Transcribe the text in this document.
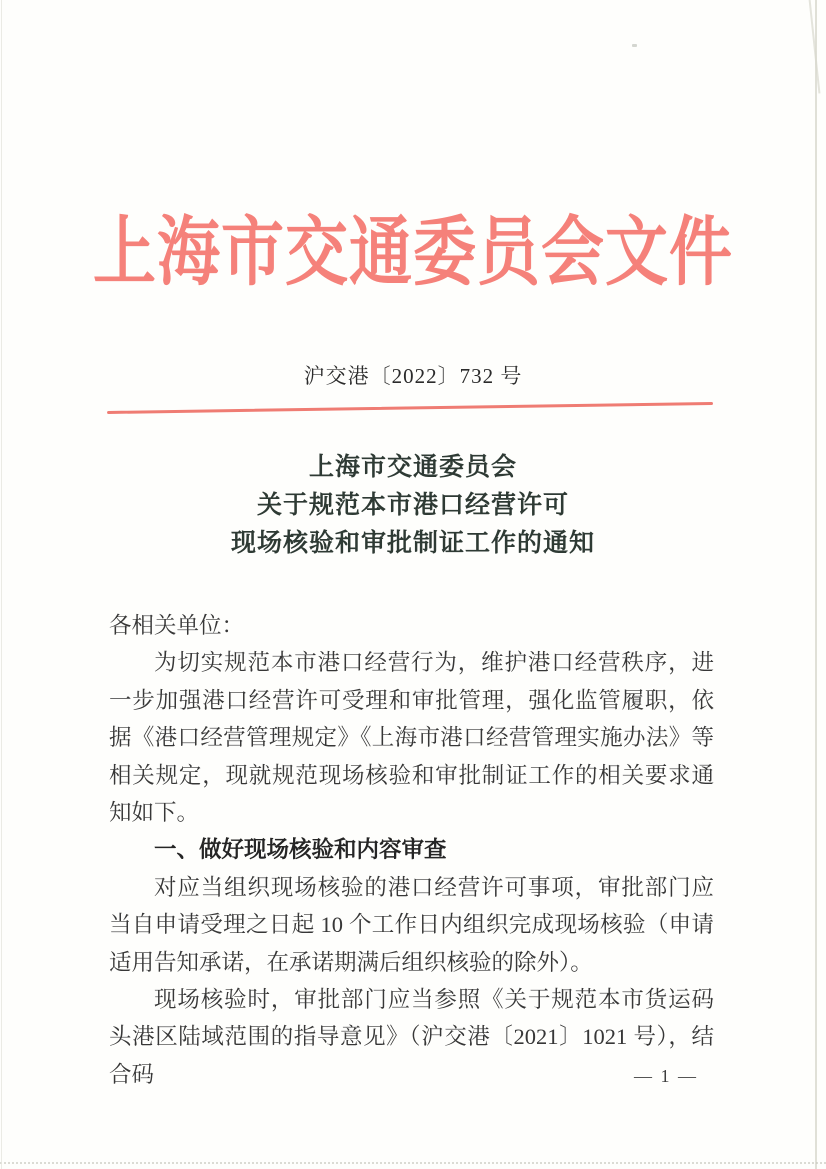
上海市交通委员会文件
沪交港〔2022〕732 号
上海市交通委员会
关于规范本市港口经营许可
现场核验和审批制证工作的通知

各相关单位：

为切实规范本市港口经营行为，维护港口经营秩序，进一步加强港口经营许可受理和审批管理，强化监管履职，依据《港口经营管理规定》《上海市港口经营管理实施办法》等相关规定，现就规范现场核验和审批制证工作的相关要求通知如下。

一、做好现场核验和内容审查

对应当组织现场核验的港口经营许可事项，审批部门应当自申请受理之日起 10 个工作日内组织完成现场核验（申请适用告知承诺，在承诺期满后组织核验的除外）。

现场核验时，审批部门应当参照《关于规范本市货运码头港区陆域范围的指导意见》（沪交港〔2021〕1021 号），结合码	— 1 —
